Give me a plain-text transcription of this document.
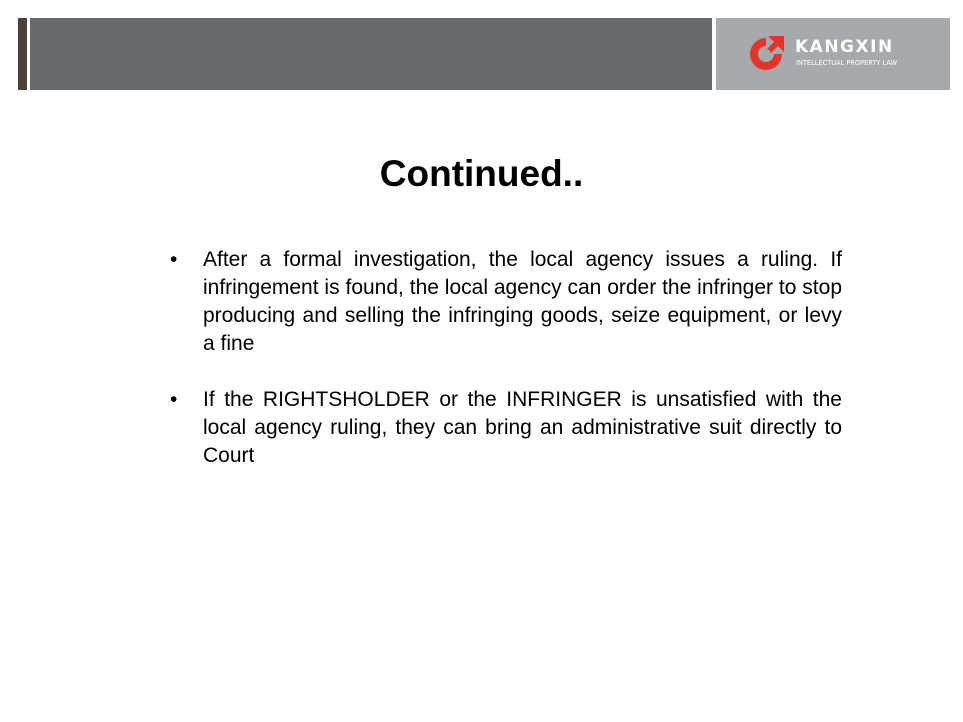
KANGXIN
INTELLECTUAL PROPERTY LAW
Continued..
• After a formal investigation, the local agency issues a ruling. If infringement is found, the local agency can order the infringer to stop producing and selling the infringing goods, seize equipment, or levy a fine
• If the RIGHTSHOLDER or the INFRINGER is unsatisfied with the local agency ruling, they can bring an administrative suit directly to Court
